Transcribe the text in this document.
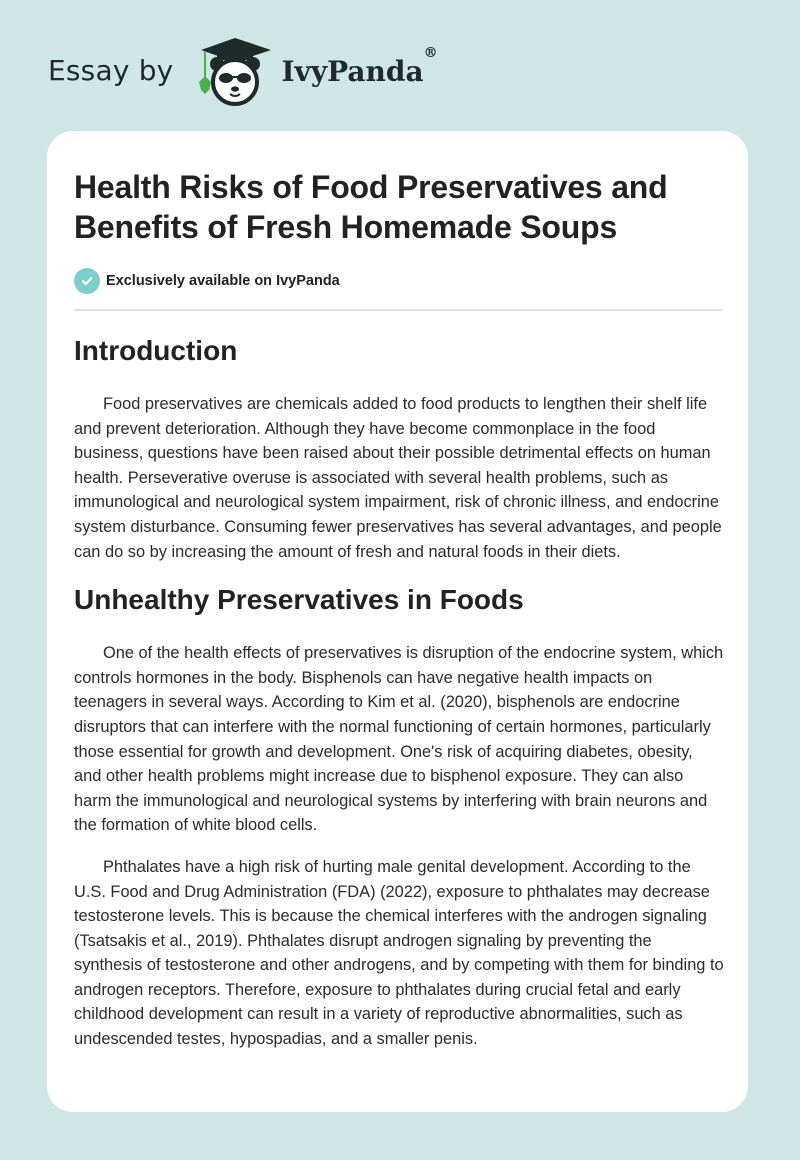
Essay by	IvyPanda®
Health Risks of Food Preservatives and Benefits of Fresh Homemade Soups
Exclusively available on IvyPanda
Introduction

Food preservatives are chemicals added to food products to lengthen their shelf life and prevent deterioration. Although they have become commonplace in the food business, questions have been raised about their possible detrimental effects on human health. Perseverative overuse is associated with several health problems, such as immunological and neurological system impairment, risk of chronic illness, and endocrine system disturbance. Consuming fewer preservatives has several advantages, and people can do so by increasing the amount of fresh and natural foods in their diets.

Unhealthy Preservatives in Foods

One of the health effects of preservatives is disruption of the endocrine system, which controls hormones in the body. Bisphenols can have negative health impacts on teenagers in several ways. According to Kim et al. (2020), bisphenols are endocrine disruptors that can interfere with the normal functioning of certain hormones, particularly those essential for growth and development. One's risk of acquiring diabetes, obesity, and other health problems might increase due to bisphenol exposure. They can also harm the immunological and neurological systems by interfering with brain neurons and the formation of white blood cells.

Phthalates have a high risk of hurting male genital development. According to the U.S. Food and Drug Administration (FDA) (2022), exposure to phthalates may decrease testosterone levels. This is because the chemical interferes with the androgen signaling (Tsatsakis et al., 2019). Phthalates disrupt androgen signaling by preventing the synthesis of testosterone and other androgens, and by competing with them for binding to androgen receptors. Therefore, exposure to phthalates during crucial fetal and early childhood development can result in a variety of reproductive abnormalities, such as undescended testes, hypospadias, and a smaller penis.
